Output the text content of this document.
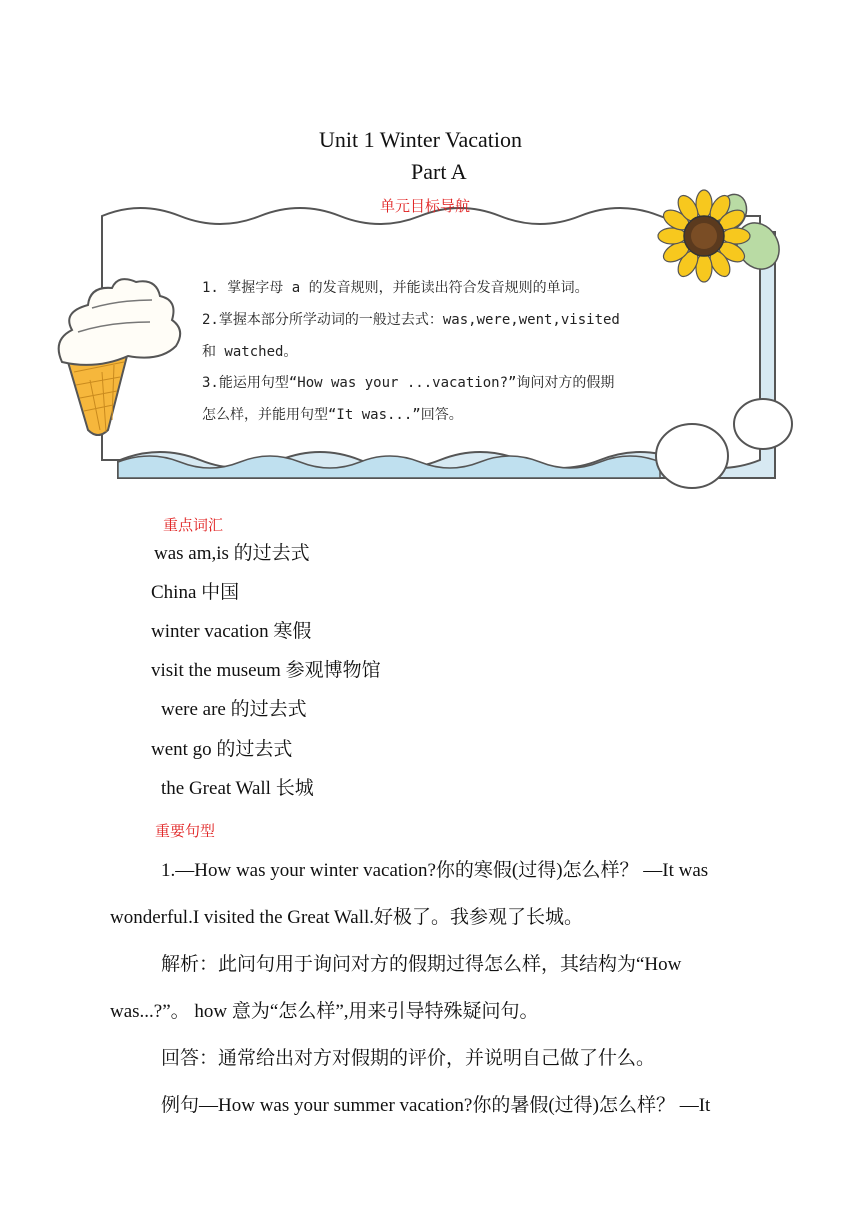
Unit 1 Winter Vacation
Part A
单元目标导航
1. 掌握字母 a 的发音规则，并能读出符合发音规则的单词。
2.掌握本部分所学动词的一般过去式：was,were,went,visited
和 watched。
3.能运用句型“How was your ...vacation?”询问对方的假期
怎么样，并能用句型“It was...”回答。
重点词汇
was am,is 的过去式
China 中国
winter vacation 寒假
visit the museum 参观博物馆
were are 的过去式
went go 的过去式
the Great Wall 长城
重要句型
1.—How was your winter vacation?你的寒假(过得)怎么样？ —It was
wonderful.I visited the Great Wall.好极了。我参观了长城。
解析：此问句用于询问对方的假期过得怎么样，其结构为“How
was...?”。 how 意为“怎么样”,用来引导特殊疑问句。
回答：通常给出对方对假期的评价，并说明自己做了什么。
例句—How was your summer vacation?你的暑假(过得)怎么样？ —It
